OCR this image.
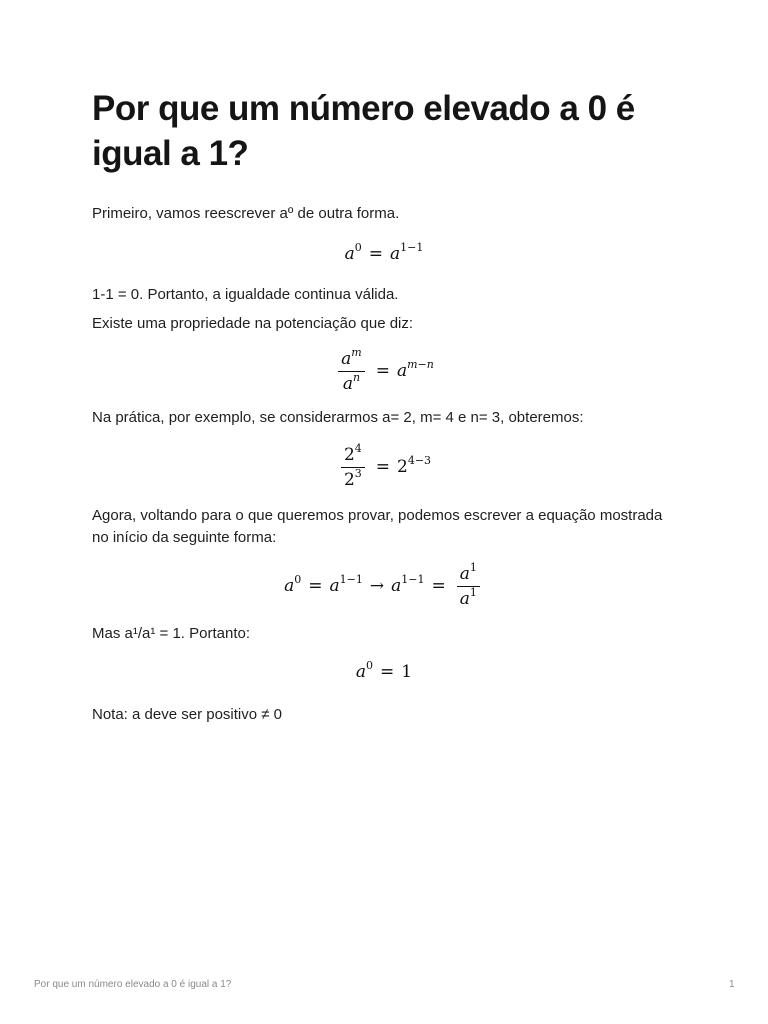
Por que um número elevado a 0 é igual a 1?

Primeiro, vamos reescrever aº de outra forma.

$a^0 = a^{1-1}$

1-1 = 0. Portanto, a igualdade continua válida.

Existe uma propriedade na potenciação que diz:

$\frac{a^m}{a^n} = a^{m-n}$

Na prática, por exemplo, se considerarmos a= 2, m= 4 e n= 3, obteremos:

$\frac{2^4}{2^3} = 2^{4-3}$

Agora, voltando para o que queremos provar, podemos escrever a equação mostrada no início da seguinte forma:

$a^0 = a^{1-1} \to a^{1-1} = \frac{a^1}{a^1}$

Mas a¹/a¹ = 1. Portanto:

$a^0 = 1$

Nota: a deve ser positivo ≠ 0

Por que um número elevado a 0 é igual a 1?	1
